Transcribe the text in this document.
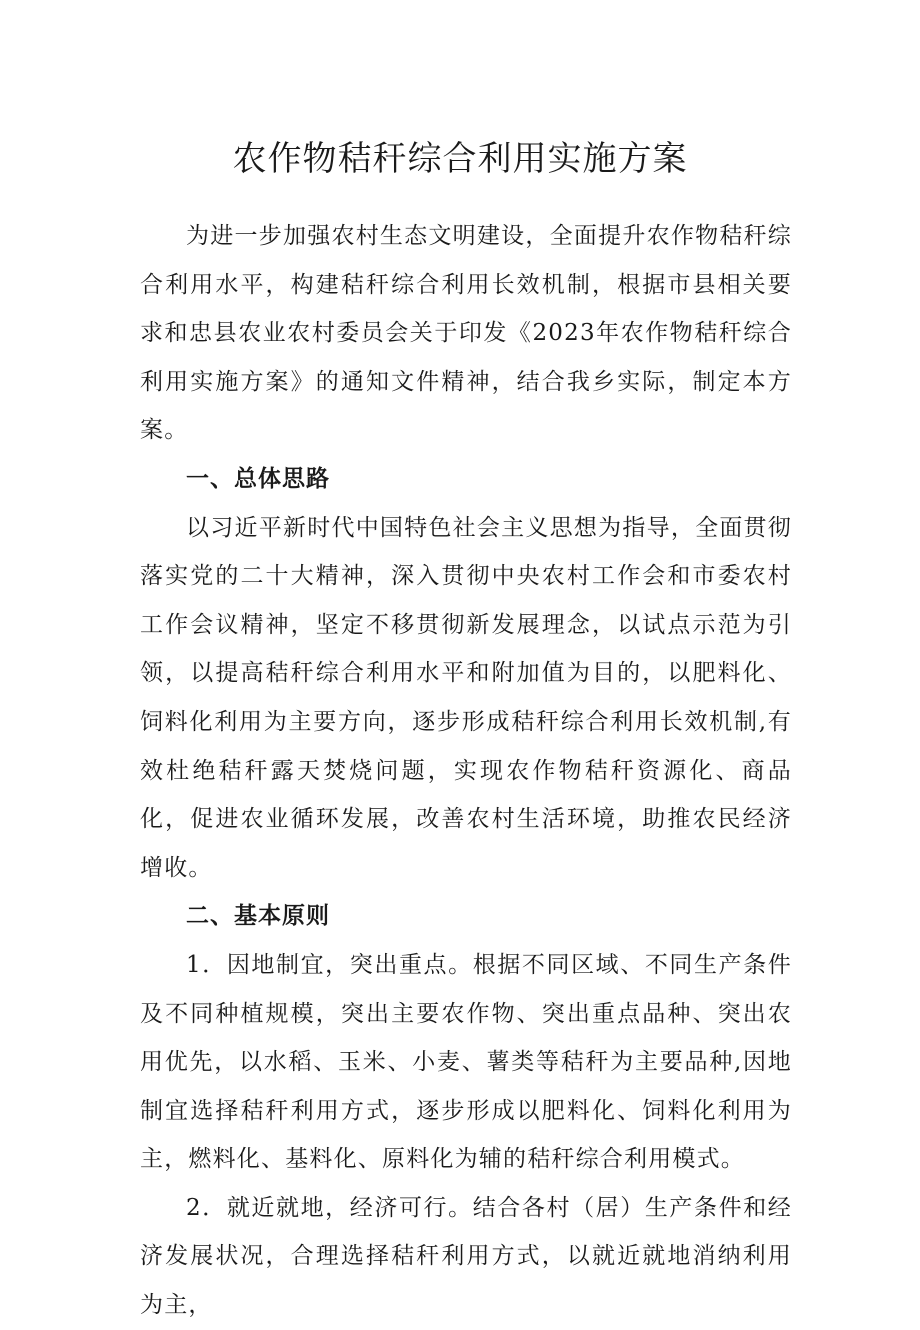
农作物秸秆综合利用实施方案

为进一步加强农村生态文明建设，全面提升农作物秸秆综合利用水平，构建秸秆综合利用长效机制，根据市县相关要求和忠县农业农村委员会关于印发《2023年农作物秸秆综合利用实施方案》的通知文件精神，结合我乡实际，制定本方案。

一、总体思路

以习近平新时代中国特色社会主义思想为指导，全面贯彻落实党的二十大精神，深入贯彻中央农村工作会和市委农村工作会议精神，坚定不移贯彻新发展理念，以试点示范为引领，以提高秸秆综合利用水平和附加值为目的，以肥料化、饲料化利用为主要方向，逐步形成秸秆综合利用长效机制,有效杜绝秸秆露天焚烧问题，实现农作物秸秆资源化、商品化，促进农业循环发展，改善农村生活环境，助推农民经济增收。

二、基本原则

1．因地制宜，突出重点。根据不同区域、不同生产条件及不同种植规模，突出主要农作物、突出重点品种、突出农用优先，以水稻、玉米、小麦、薯类等秸秆为主要品种,因地制宜选择秸秆利用方式，逐步形成以肥料化、饲料化利用为主，燃料化、基料化、原料化为辅的秸秆综合利用模式。

2．就近就地，经济可行。结合各村（居）生产条件和经济发展状况，合理选择秸秆利用方式，以就近就地消纳利用为主，
